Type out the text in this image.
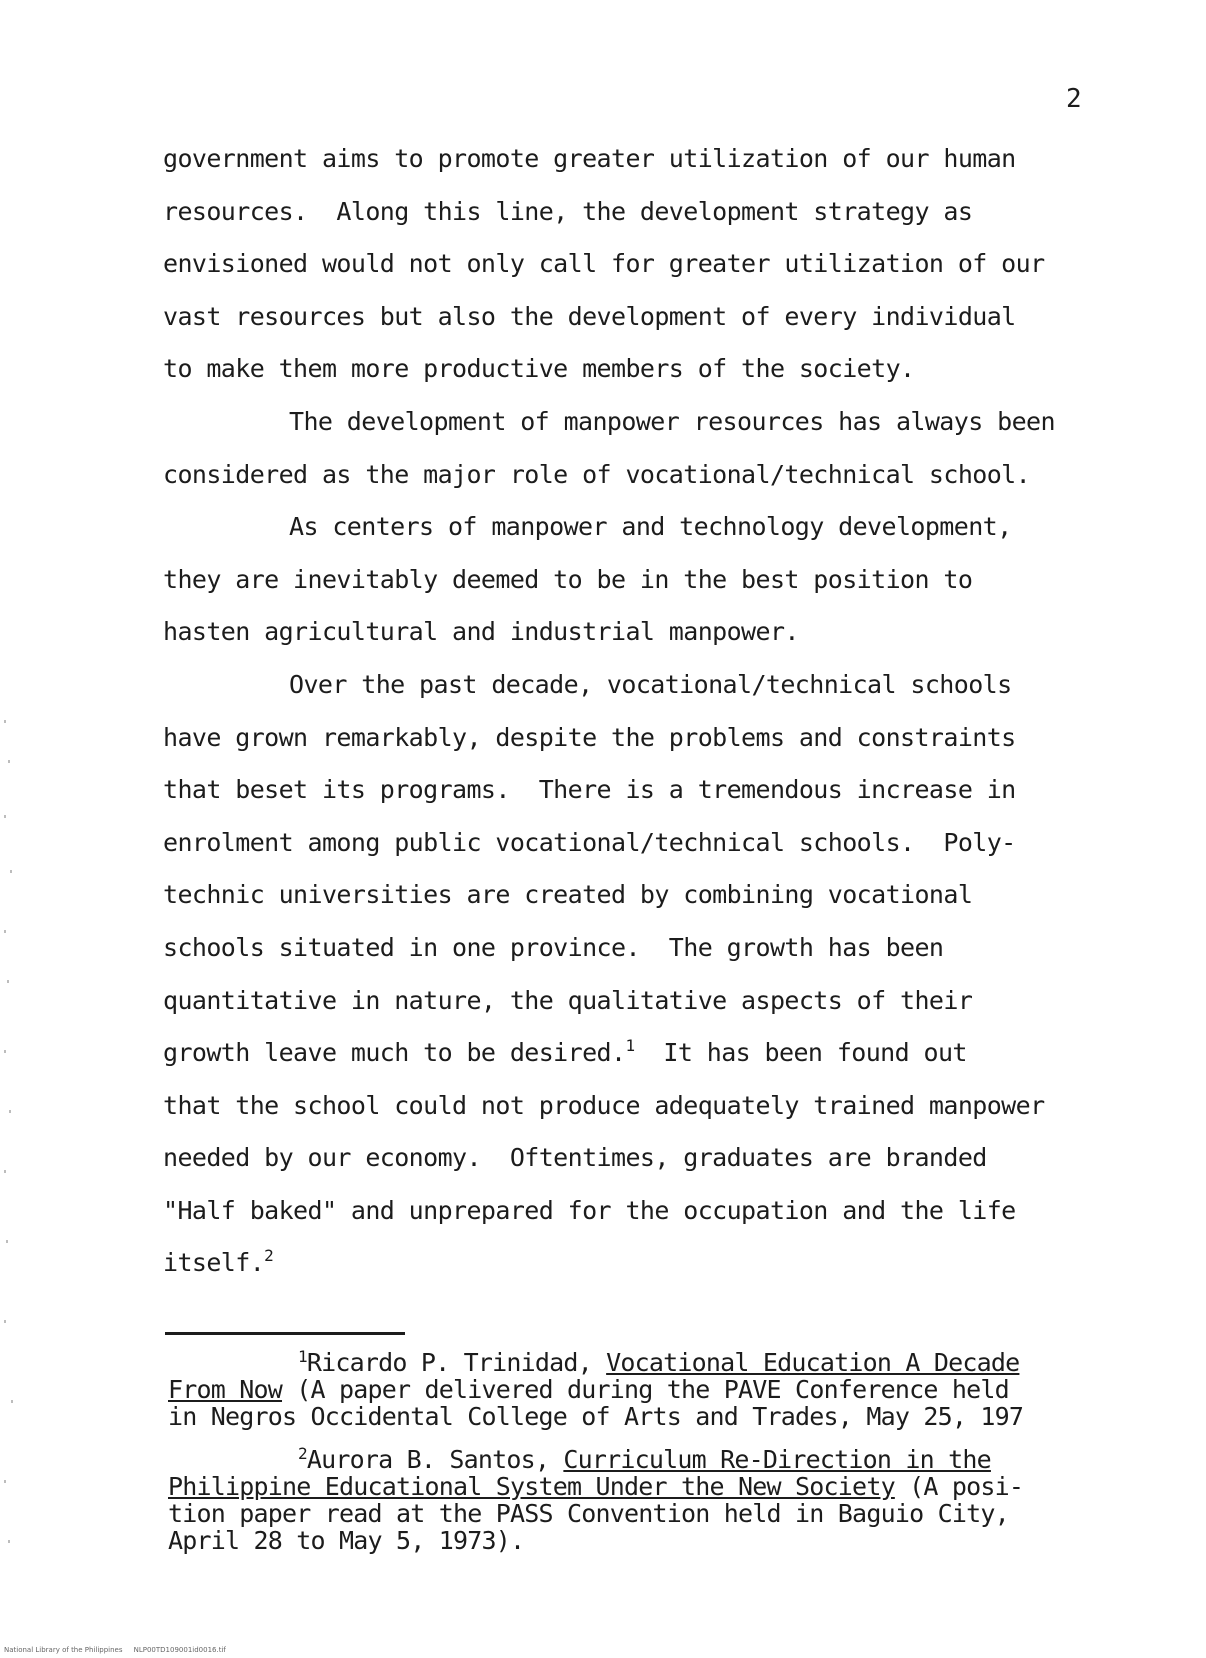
2
government aims to promote greater utilization of our human
resources.  Along this line, the development strategy as
envisioned would not only call for greater utilization of our
vast resources but also the development of every individual
to make them more productive members of the society.
The development of manpower resources has always been
considered as the major role of vocational/technical school.
As centers of manpower and technology development,
they are inevitably deemed to be in the best position to
hasten agricultural and industrial manpower.
Over the past decade, vocational/technical schools
have grown remarkably, despite the problems and constraints
that beset its programs.  There is a tremendous increase in
enrolment among public vocational/technical schools.  Poly-
technic universities are created by combining vocational
schools situated in one province.  The growth has been
quantitative in nature, the qualitative aspects of their
growth leave much to be desired.$^1$  It has been found out
that the school could not produce adequately trained manpower
needed by our economy.  Oftentimes, graduates are branded
"Half baked" and unprepared for the occupation and the life
itself.$^2$
$^1$Ricardo P. Trinidad, Vocational Education A Decade
From Now (A paper delivered during the PAVE Conference held
in Negros Occidental College of Arts and Trades, May 25, 197
$^2$Aurora B. Santos, Curriculum Re-Direction in the
Philippine Educational System Under the New Society (A posi-
tion paper read at the PASS Convention held in Baguio City,
April 28 to May 5, 1973).
National Library of the Philippines     NLP00TD109001id0016.tif
